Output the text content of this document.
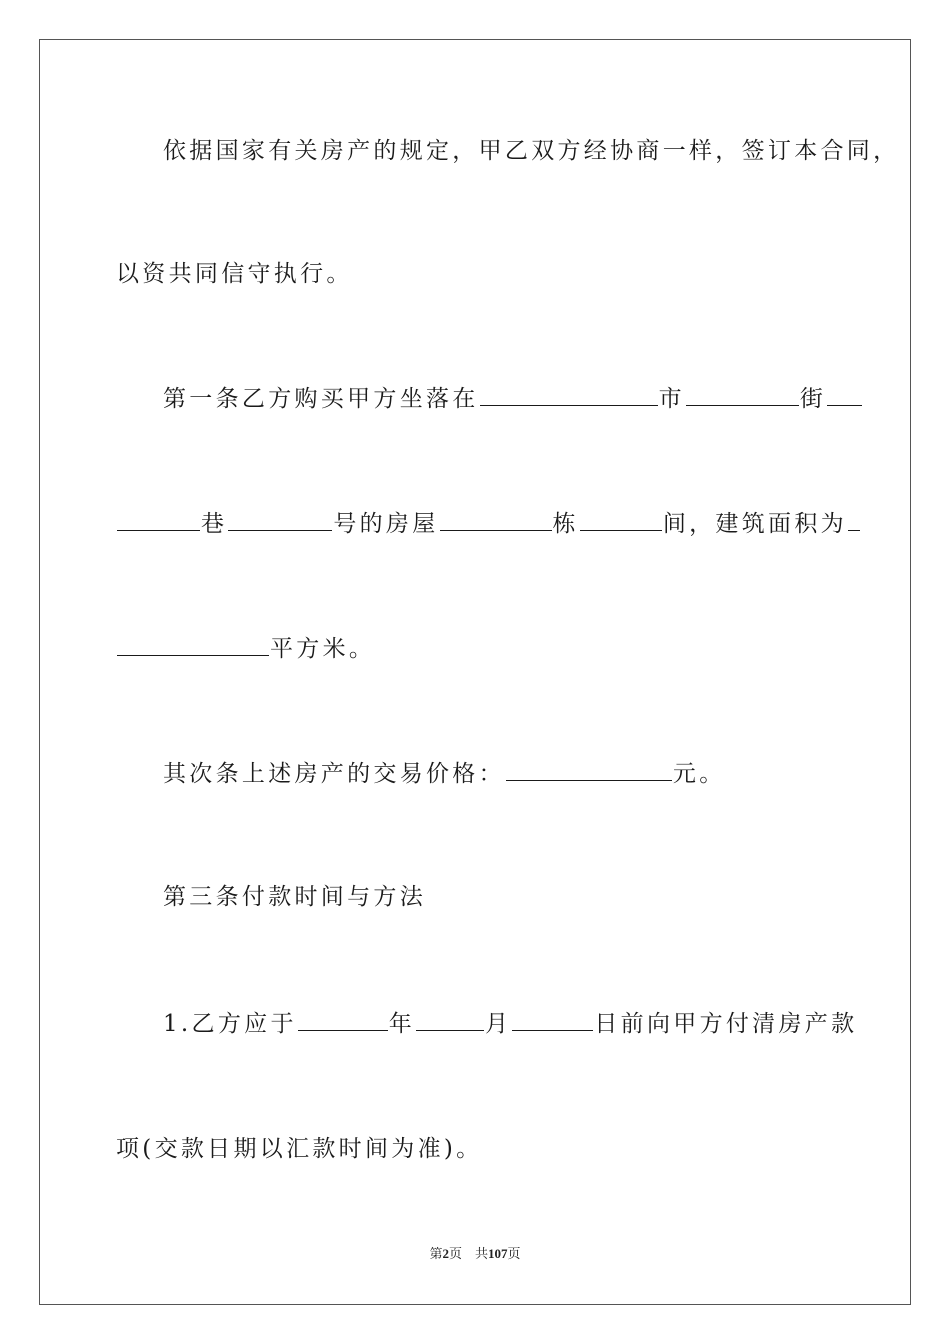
依据国家有关房产的规定，甲乙双方经协商一样，签订本合同，
以资共同信守执行。
第一条乙方购买甲方坐落在	市	街
巷	号的房屋	栋	间，建筑面积为
平方米。
其次条上述房产的交易价格：	元。
第三条付款时间与方法
1.乙方应于	年	月	日前向甲方付清房产款
项(交款日期以汇款时间为准)。
第2页　共107页
